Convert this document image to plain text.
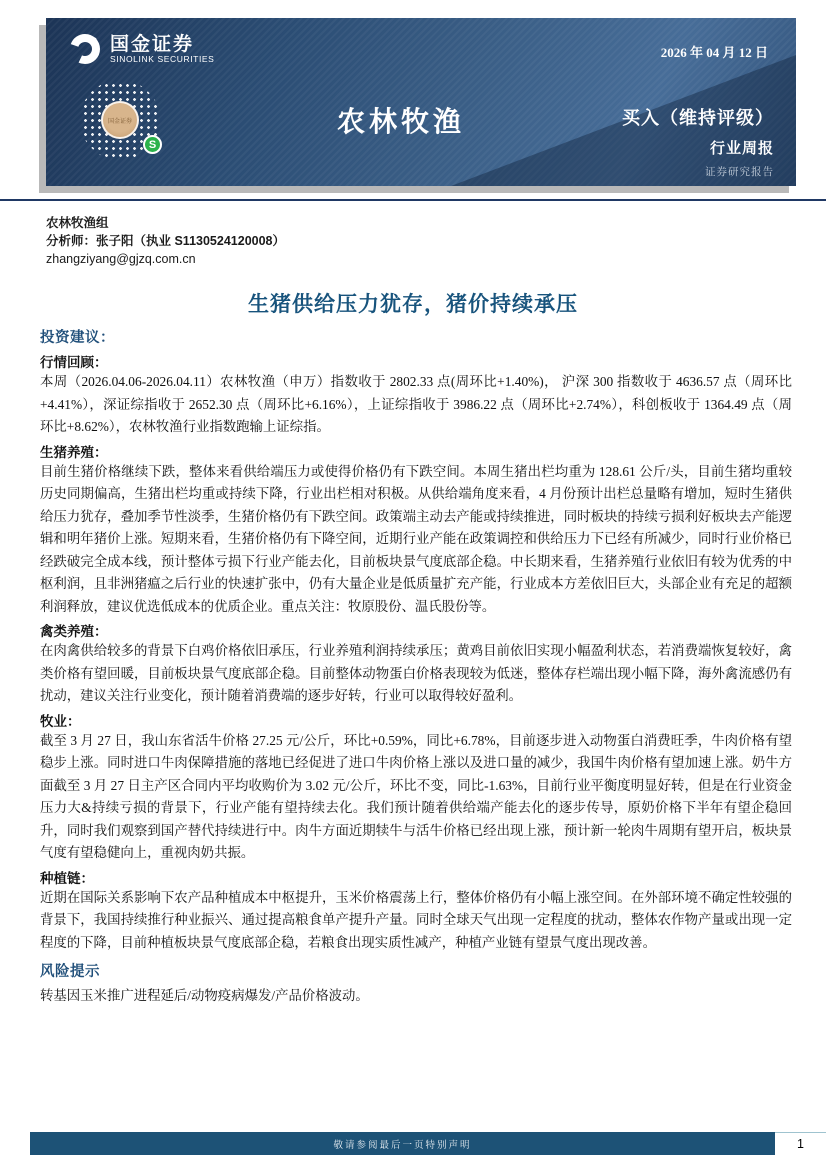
国金证券
SINOLINK SECURITIES
国金证券
S
农林牧渔
2026 年 04 月 12 日
买入（维持评级）
行业周报
证券研究报告
农林牧渔组
分析师：张子阳（执业 S1130524120008）
zhangziyang@gjzq.com.cn
生猪供给压力犹存，猪价持续承压
投资建议：
行情回顾：

本周（2026.04.06-2026.04.11）农林牧渔（申万）指数收于 2802.33 点(周环比+1.40%)， 沪深 300 指数收于 4636.57 点（周环比+4.41%），深证综指收于 2652.30 点（周环比+6.16%），上证综指收于 3986.22 点（周环比+2.74%），科创板收于 1364.49 点（周环比+8.62%），农林牧渔行业指数跑输上证综指。

生猪养殖：

目前生猪价格继续下跌，整体来看供给端压力或使得价格仍有下跌空间。本周生猪出栏均重为 128.61 公斤/头，目前生猪均重较历史同期偏高，生猪出栏均重或持续下降，行业出栏相对积极。从供给端角度来看，4 月份预计出栏总量略有增加，短时生猪供给压力犹存，叠加季节性淡季，生猪价格仍有下跌空间。政策端主动去产能或持续推进，同时板块的持续亏损利好板块去产能逻辑和明年猪价上涨。短期来看，生猪价格仍有下降空间，近期行业产能在政策调控和供给压力下已经有所减少，同时行业价格已经跌破完全成本线，预计整体亏损下行业产能去化，目前板块景气度底部企稳。中长期来看，生猪养殖行业依旧有较为优秀的中枢利润，且非洲猪瘟之后行业的快速扩张中，仍有大量企业是低质量扩充产能，行业成本方差依旧巨大，头部企业有充足的超额利润释放，建议优选低成本的优质企业。重点关注：牧原股份、温氏股份等。

禽类养殖：

在肉禽供给较多的背景下白鸡价格依旧承压，行业养殖利润持续承压；黄鸡目前依旧实现小幅盈利状态，若消费端恢复较好，禽类价格有望回暖，目前板块景气度底部企稳。目前整体动物蛋白价格表现较为低迷，整体存栏端出现小幅下降，海外禽流感仍有扰动，建议关注行业变化，预计随着消费端的逐步好转，行业可以取得较好盈利。

牧业：

截至 3 月 27 日，我山东省活牛价格 27.25 元/公斤，环比+0.59%，同比+6.78%，目前逐步进入动物蛋白消费旺季，牛肉价格有望稳步上涨。同时进口牛肉保障措施的落地已经促进了进口牛肉价格上涨以及进口量的减少，我国牛肉价格有望加速上涨。奶牛方面截至 3 月 27 日主产区合同内平均收购价为 3.02 元/公斤，环比不变，同比-1.63%，目前行业平衡度明显好转，但是在行业资金压力大&持续亏损的背景下，行业产能有望持续去化。我们预计随着供给端产能去化的逐步传导，原奶价格下半年有望企稳回升，同时我们观察到国产替代持续进行中。肉牛方面近期犊牛与活牛价格已经出现上涨，预计新一轮肉牛周期有望开启，板块景气度有望稳健向上，重视肉奶共振。

种植链：

近期在国际关系影响下农产品种植成本中枢提升，玉米价格震荡上行，整体价格仍有小幅上涨空间。在外部环境不确定性较强的背景下，我国持续推行种业振兴、通过提高粮食单产提升产量。同时全球天气出现一定程度的扰动，整体农作物产量或出现一定程度的下降，目前种植板块景气度底部企稳，若粮食出现实质性减产，种植产业链有望景气度出现改善。

风险提示

转基因玉米推广进程延后/动物疫病爆发/产品价格波动。

敬请参阅最后一页特别声明	1
